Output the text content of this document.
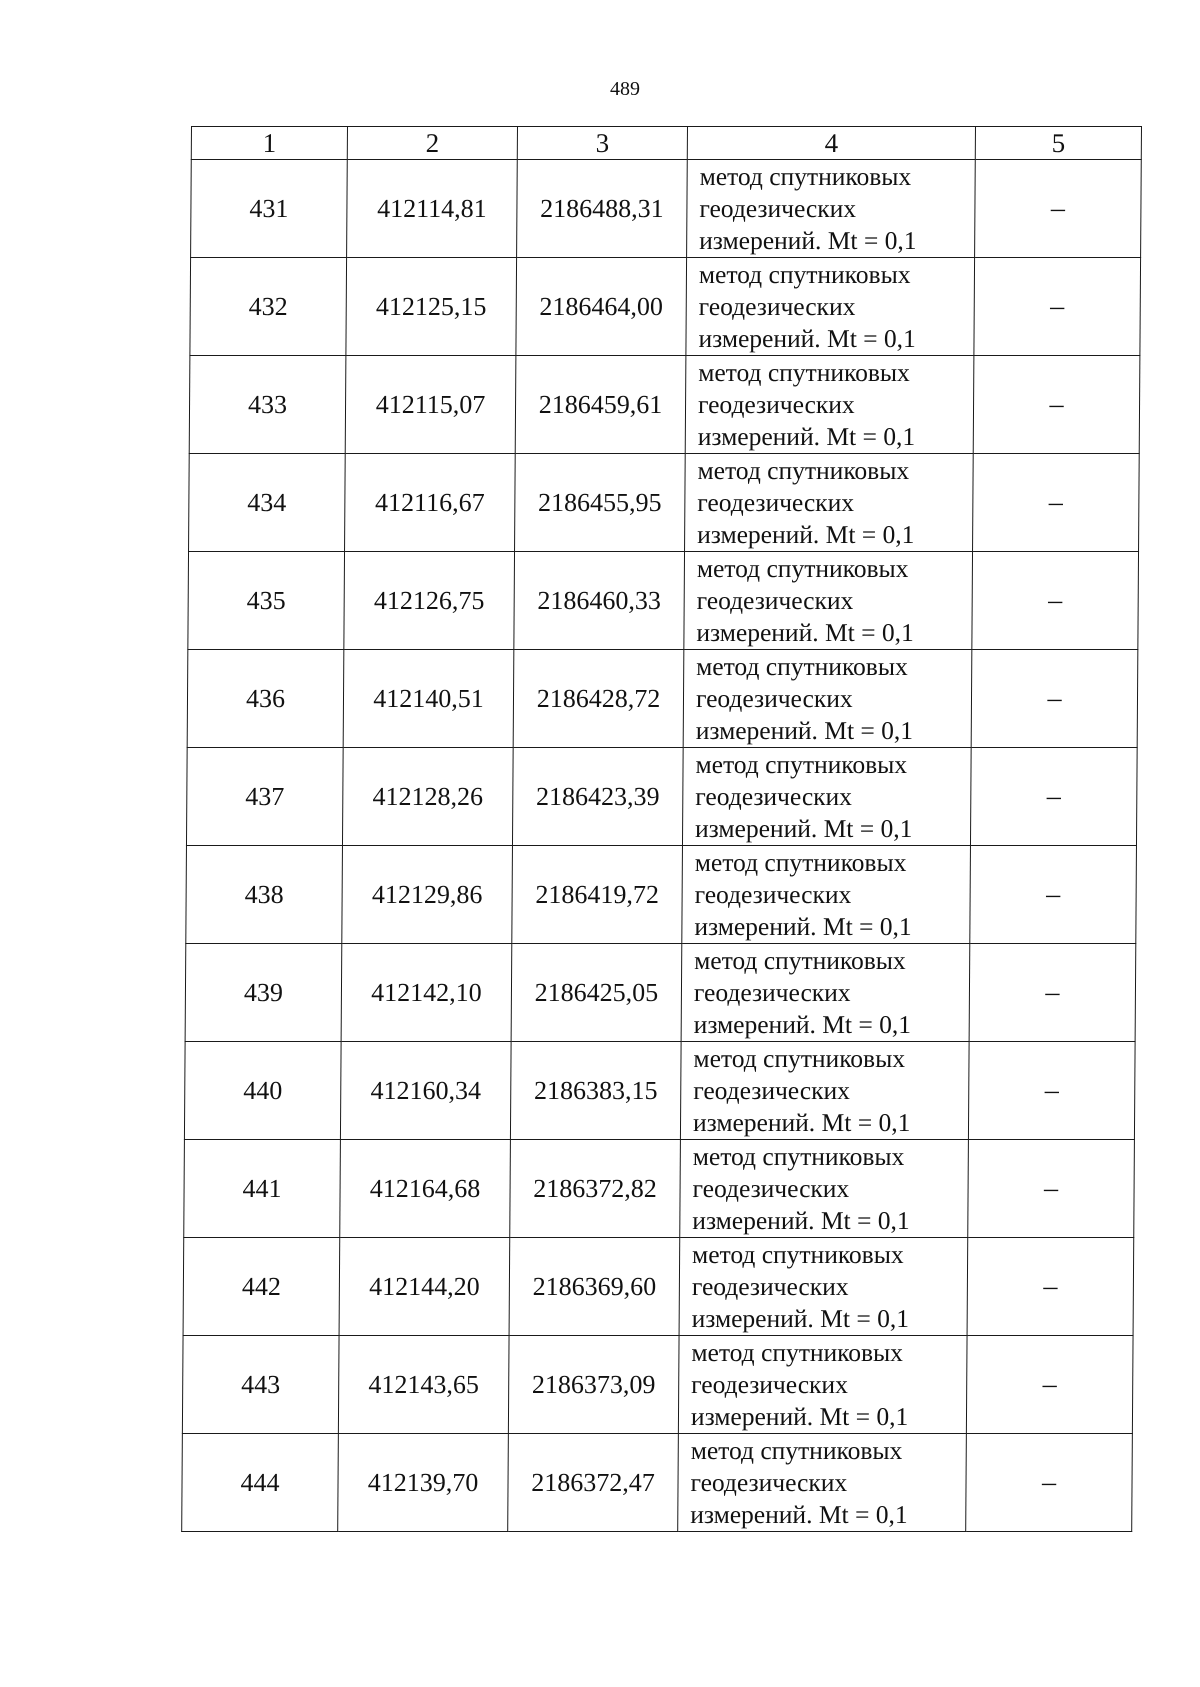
489
1	2	3	4	5
431	412114,81	2186488,31	метод спутниковых
геодезических
измерений. Mt = 0,1	–
432	412125,15	2186464,00	метод спутниковых
геодезических
измерений. Mt = 0,1	–
433	412115,07	2186459,61	метод спутниковых
геодезических
измерений. Mt = 0,1	–
434	412116,67	2186455,95	метод спутниковых
геодезических
измерений. Mt = 0,1	–
435	412126,75	2186460,33	метод спутниковых
геодезических
измерений. Mt = 0,1	–
436	412140,51	2186428,72	метод спутниковых
геодезических
измерений. Mt = 0,1	–
437	412128,26	2186423,39	метод спутниковых
геодезических
измерений. Mt = 0,1	–
438	412129,86	2186419,72	метод спутниковых
геодезических
измерений. Mt = 0,1	–
439	412142,10	2186425,05	метод спутниковых
геодезических
измерений. Mt = 0,1	–
440	412160,34	2186383,15	метод спутниковых
геодезических
измерений. Mt = 0,1	–
441	412164,68	2186372,82	метод спутниковых
геодезических
измерений. Mt = 0,1	–
442	412144,20	2186369,60	метод спутниковых
геодезических
измерений. Mt = 0,1	–
443	412143,65	2186373,09	метод спутниковых
геодезических
измерений. Mt = 0,1	–
444	412139,70	2186372,47	метод спутниковых
геодезических
измерений. Mt = 0,1	–
